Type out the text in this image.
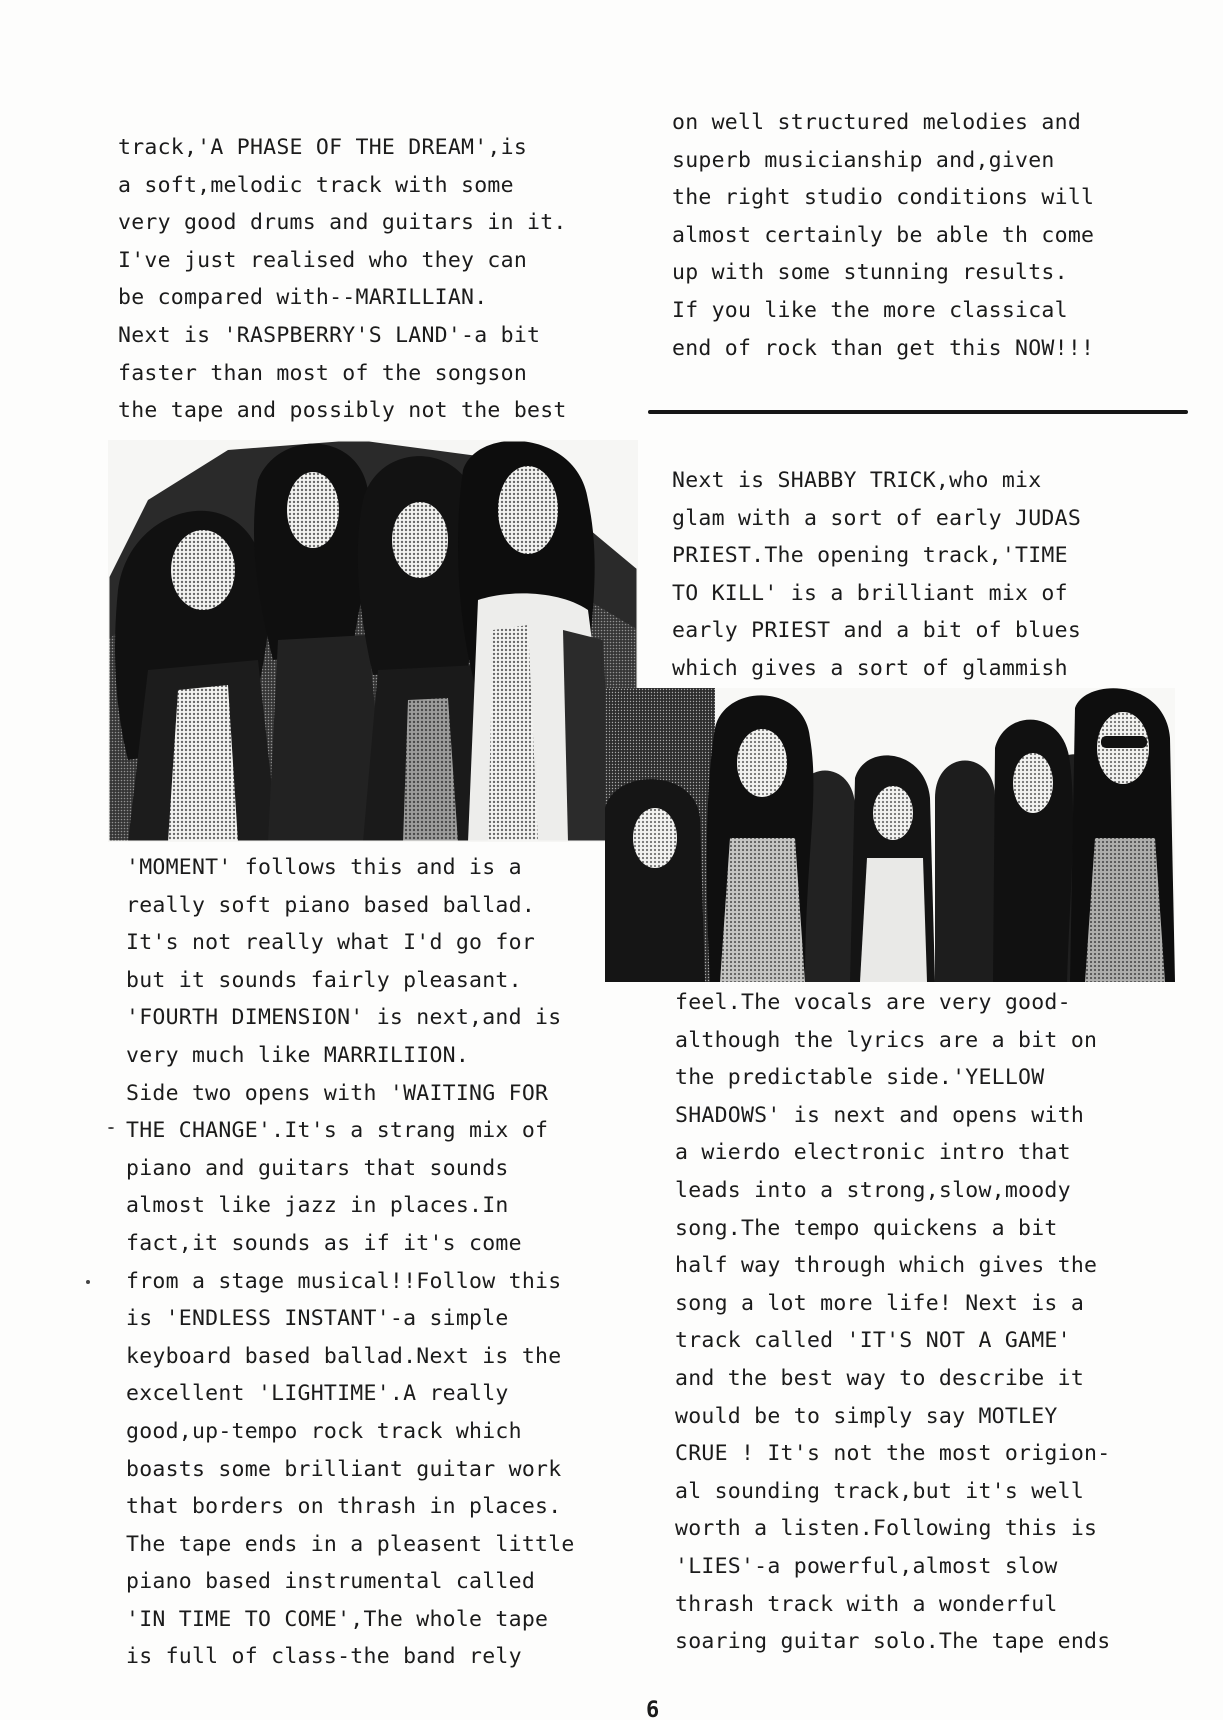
track,'A PHASE OF THE DREAM',is
a soft,melodic track with some
very good drums and guitars in it.
I've just realised who they can
be compared with--MARILLIAN.
Next is 'RASPBERRY'S LAND'-a bit
faster than most of the songson
the tape and possibly not the best
on well structured melodies and
superb musicianship and,given
the right studio conditions will
almost certainly be able th come
up with some stunning results.
If you like the more classical
end of rock than get this NOW!!!
Next is SHABBY TRICK,who mix
glam with a sort of early JUDAS
PRIEST.The opening track,'TIME
TO KILL' is a brilliant mix of
early PRIEST and a bit of blues
which gives a sort of glammish
'MOMENT' follows this and is a
really soft piano based ballad.
It's not really what I'd go for
but it sounds fairly pleasant.
'FOURTH DIMENSION' is next,and is
very much like MARRILIION.
Side two opens with 'WAITING FOR
THE CHANGE'.It's a strang mix of
piano and guitars that sounds
almost like jazz in places.In
fact,it sounds as if it's come
from a stage musical!!Follow this
is 'ENDLESS INSTANT'-a simple
keyboard based ballad.Next is the
excellent 'LIGHTIME'.A really
good,up-tempo rock track which
boasts some brilliant guitar work
that borders on thrash in places.
The tape ends in a pleasent little
piano based instrumental called
'IN TIME TO COME',The whole tape
is full of class-the band rely
feel.The vocals are very good-
although the lyrics are a bit on
the predictable side.'YELLOW
SHADOWS' is next and opens with
a wierdo electronic intro that
leads into a strong,slow,moody
song.The tempo quickens a bit
half way through which gives the
song a lot more life! Next is a
track called 'IT'S NOT A GAME'
and the best way to describe it
would be to simply say MOTLEY
CRUE ! It's not the most origion-
al sounding track,but it's well
worth a listen.Following this is
'LIES'-a powerful,almost slow
thrash track with a wonderful
soaring guitar solo.The tape ends
6
